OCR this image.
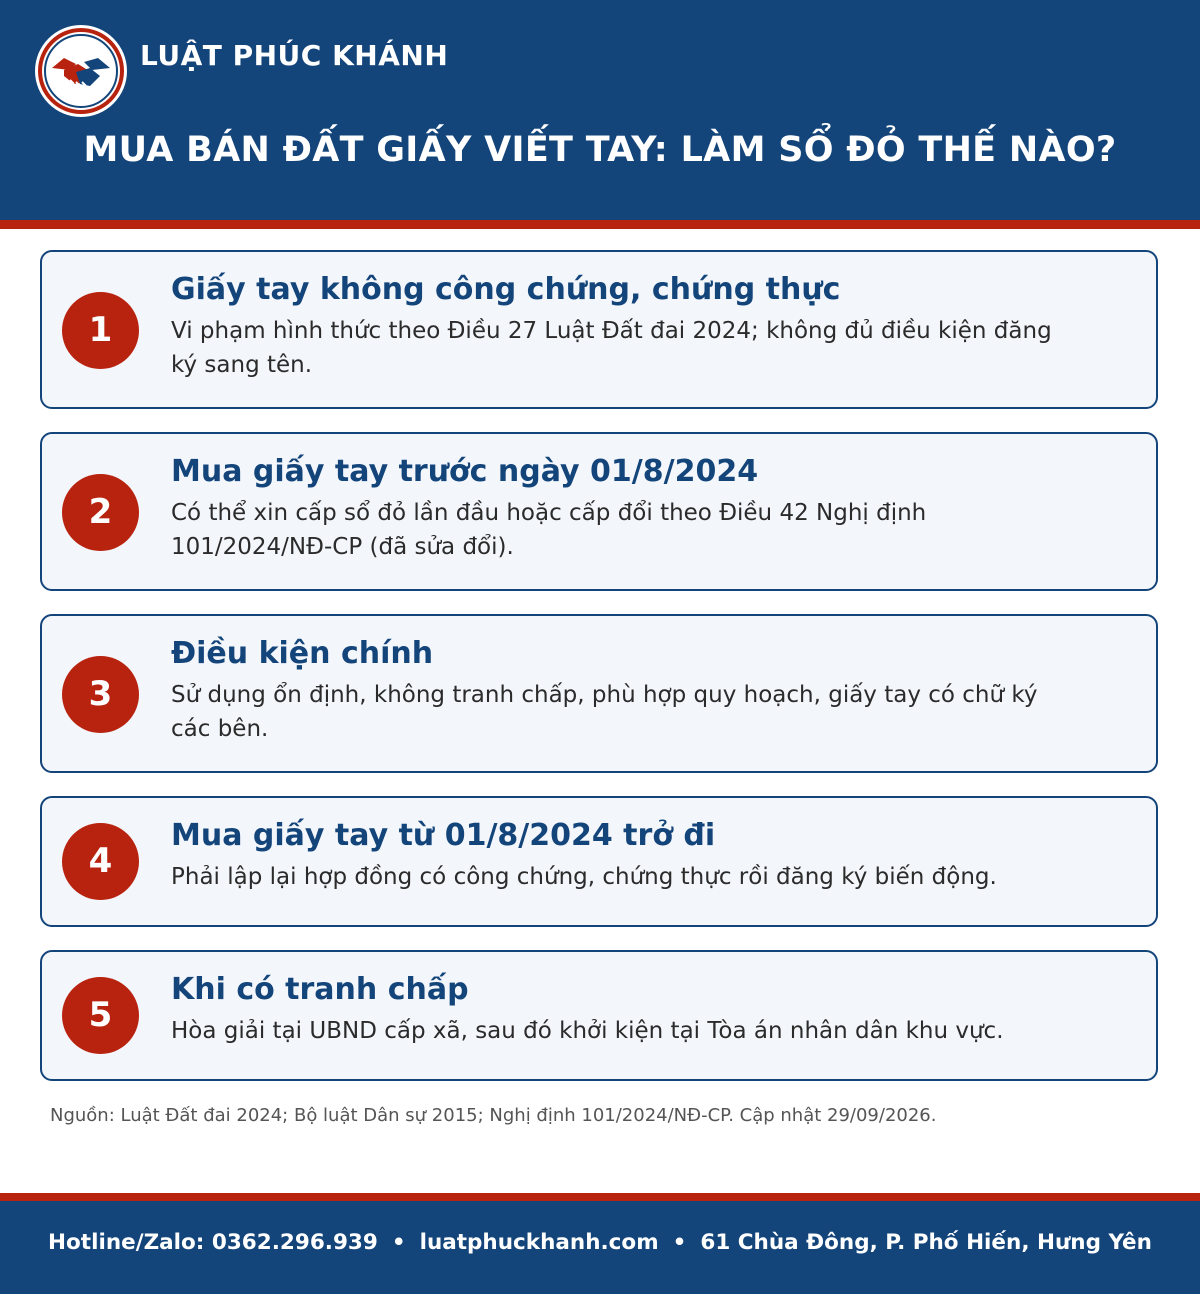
LUẬT PHÚC KHÁNH
MUA BÁN ĐẤT GIẤY VIẾT TAY: LÀM SỔ ĐỎ THẾ NÀO?
1
Giấy tay không công chứng, chứng thực
Vi phạm hình thức theo Điều 27 Luật Đất đai 2024; không đủ điều kiện đăng ký sang tên.
2
Mua giấy tay trước ngày 01/8/2024
Có thể xin cấp sổ đỏ lần đầu hoặc cấp đổi theo Điều 42 Nghị định 101/2024/NĐ-CP (đã sửa đổi).
3
Điều kiện chính
Sử dụng ổn định, không tranh chấp, phù hợp quy hoạch, giấy tay có chữ ký các bên.
4
Mua giấy tay từ 01/8/2024 trở đi
Phải lập lại hợp đồng có công chứng, chứng thực rồi đăng ký biến động.
5
Khi có tranh chấp
Hòa giải tại UBND cấp xã, sau đó khởi kiện tại Tòa án nhân dân khu vực.
Nguồn: Luật Đất đai 2024; Bộ luật Dân sự 2015; Nghị định 101/2024/NĐ-CP. Cập nhật 29/09/2026.
Hotline/Zalo: 0362.296.939 • luatphuckhanh.com • 61 Chùa Đông, P. Phố Hiến, Hưng Yên
